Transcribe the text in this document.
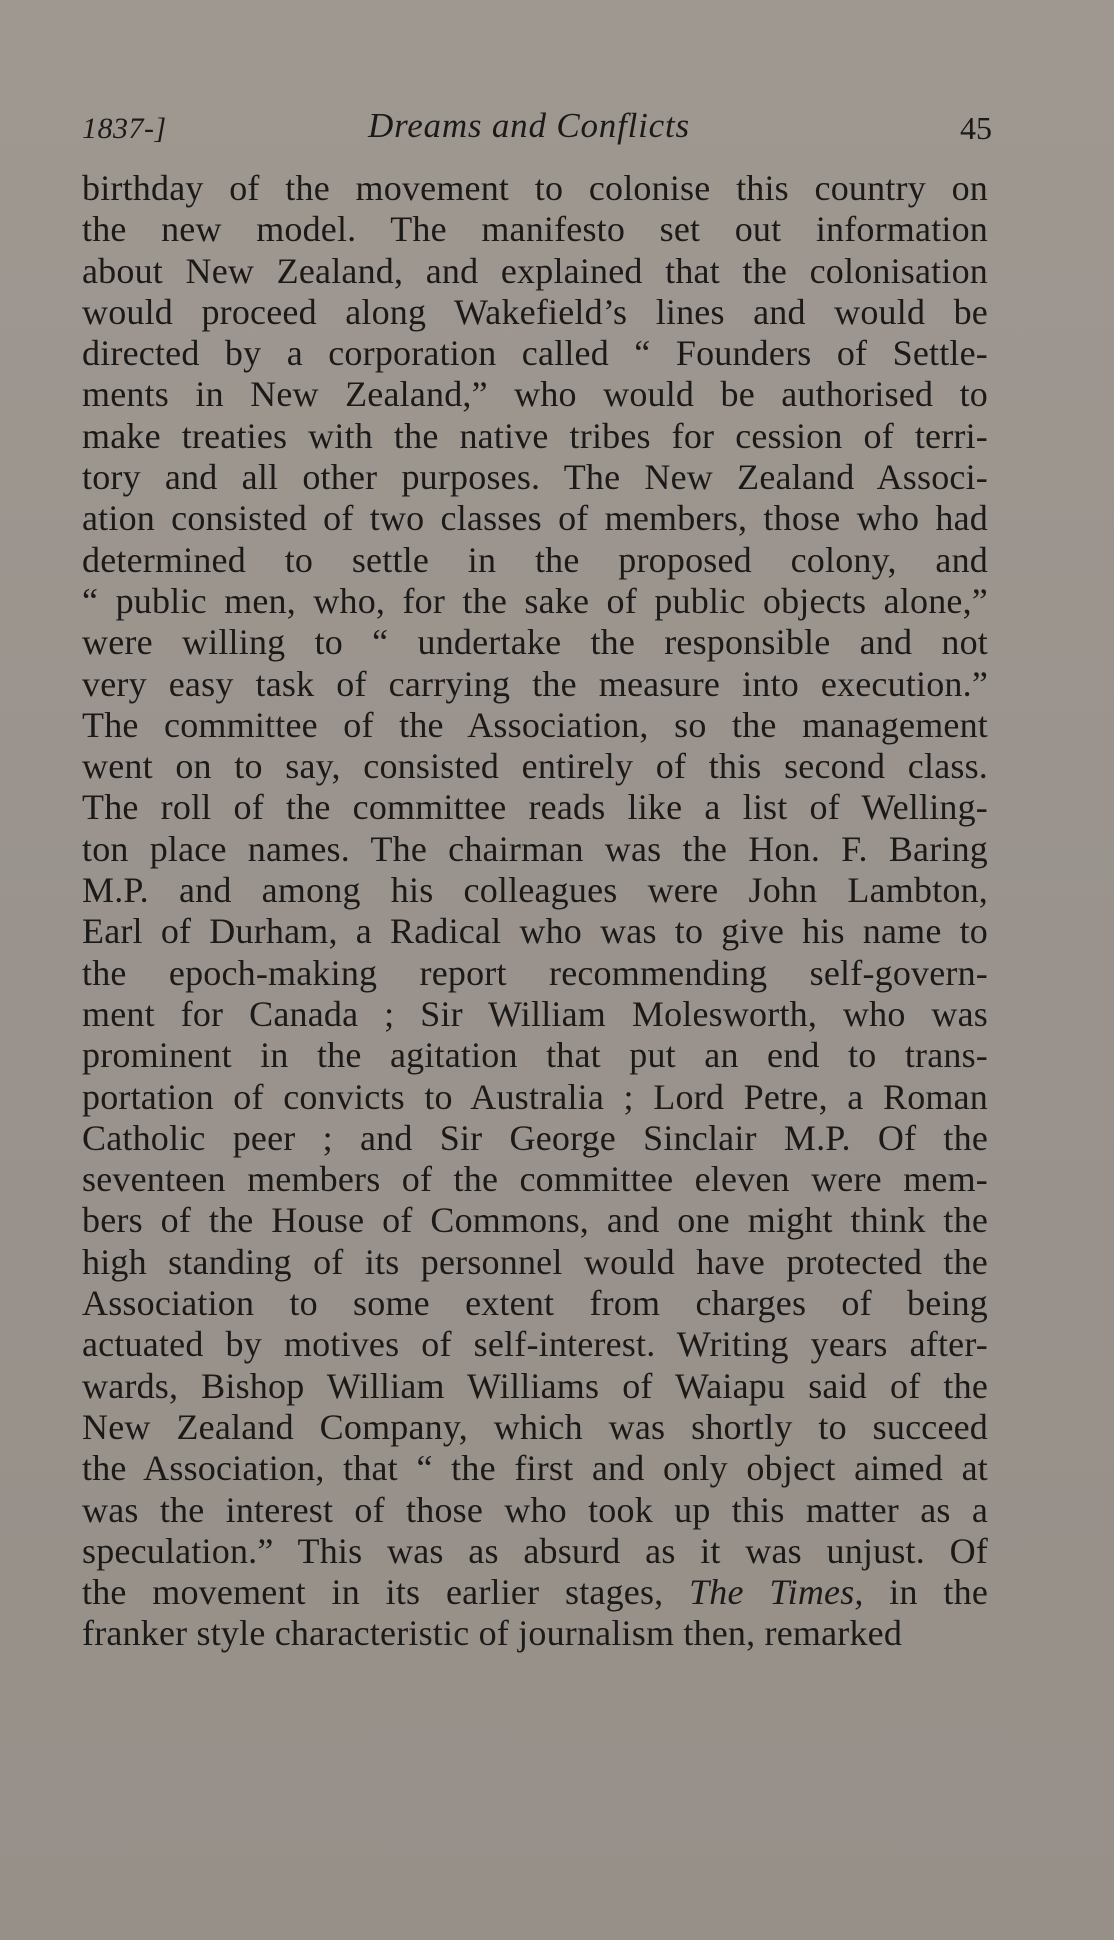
1837-]	Dreams and Conflicts	45
birthday of the movement to colonise this country on
the new model. The manifesto set out information
about New Zealand, and explained that the colonisation
would proceed along Wakefield’s lines and would be
directed by a corporation called “ Founders of Settle-
ments in New Zealand,” who would be authorised to
make treaties with the native tribes for cession of terri-
tory and all other purposes. The New Zealand Associ-
ation consisted of two classes of members, those who had
determined to settle in the proposed colony, and
“ public men, who, for the sake of public objects alone,”
were willing to “ undertake the responsible and not
very easy task of carrying the measure into execution.”
The committee of the Association, so the management
went on to say, consisted entirely of this second class.
The roll of the committee reads like a list of Welling-
ton place names. The chairman was the Hon. F. Baring
M.P. and among his colleagues were John Lambton,
Earl of Durham, a Radical who was to give his name to
the epoch-making report recommending self-govern-
ment for Canada ; Sir William Molesworth, who was
prominent in the agitation that put an end to trans-
portation of convicts to Australia ; Lord Petre, a Roman
Catholic peer ; and Sir George Sinclair M.P. Of the
seventeen members of the committee eleven were mem-
bers of the House of Commons, and one might think the
high standing of its personnel would have protected the
Association to some extent from charges of being
actuated by motives of self-interest. Writing years after-
wards, Bishop William Williams of Waiapu said of the
New Zealand Company, which was shortly to succeed
the Association, that “ the first and only object aimed at
was the interest of those who took up this matter as a
speculation.” This was as absurd as it was unjust. Of
the movement in its earlier stages, The Times, in the
franker style characteristic of journalism then, remarked
